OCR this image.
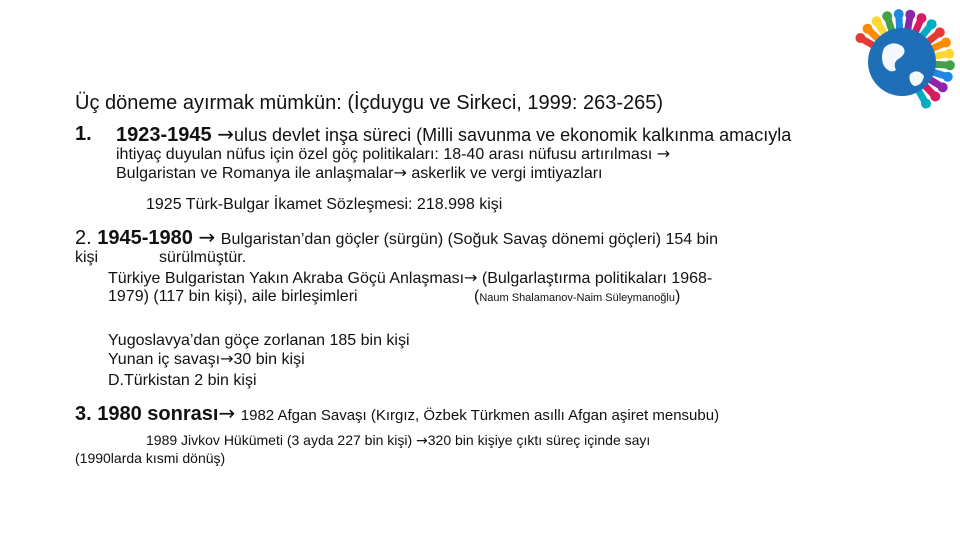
Üç döneme ayırmak mümkün: (İçduygu ve Sirkeci, 1999: 263-265)
1. 1923-1945 →ulus devlet inşa süreci (Milli savunma ve ekonomik kalkınma amacıyla
ihtiyaç duyulan nüfus için özel göç politikaları: 18-40 arası nüfusu artırılması →
Bulgaristan ve Romanya ile anlaşmalar→ askerlik ve vergi imtiyazları
1925 Türk-Bulgar İkamet Sözleşmesi: 218.998 kişi
2. 1945-1980 → Bulgaristan’dan göçler (sürgün) (Soğuk Savaş dönemi göçleri) 154 bin
kişi	sürülmüştür.
Türkiye Bulgaristan Yakın Akraba Göçü Anlaşması→ (Bulgarlaştırma politikaları 1968-
1979) (117 bin kişi), aile birleşimleri	(Naum Shalamanov-Naim Süleymanoğlu)
Yugoslavya’dan göçe zorlanan 185 bin kişi
Yunan iç savaşı→30 bin kişi
D.Türkistan 2 bin kişi
3. 1980 sonrası→ 1982 Afgan Savaşı (Kırgız, Özbek Türkmen asıllı Afgan aşiret mensubu)
1989 Jivkov Hükümeti (3 ayda 227 bin kişi) →320 bin kişiye çıktı süreç içinde sayı
(1990larda kısmi dönüş)
